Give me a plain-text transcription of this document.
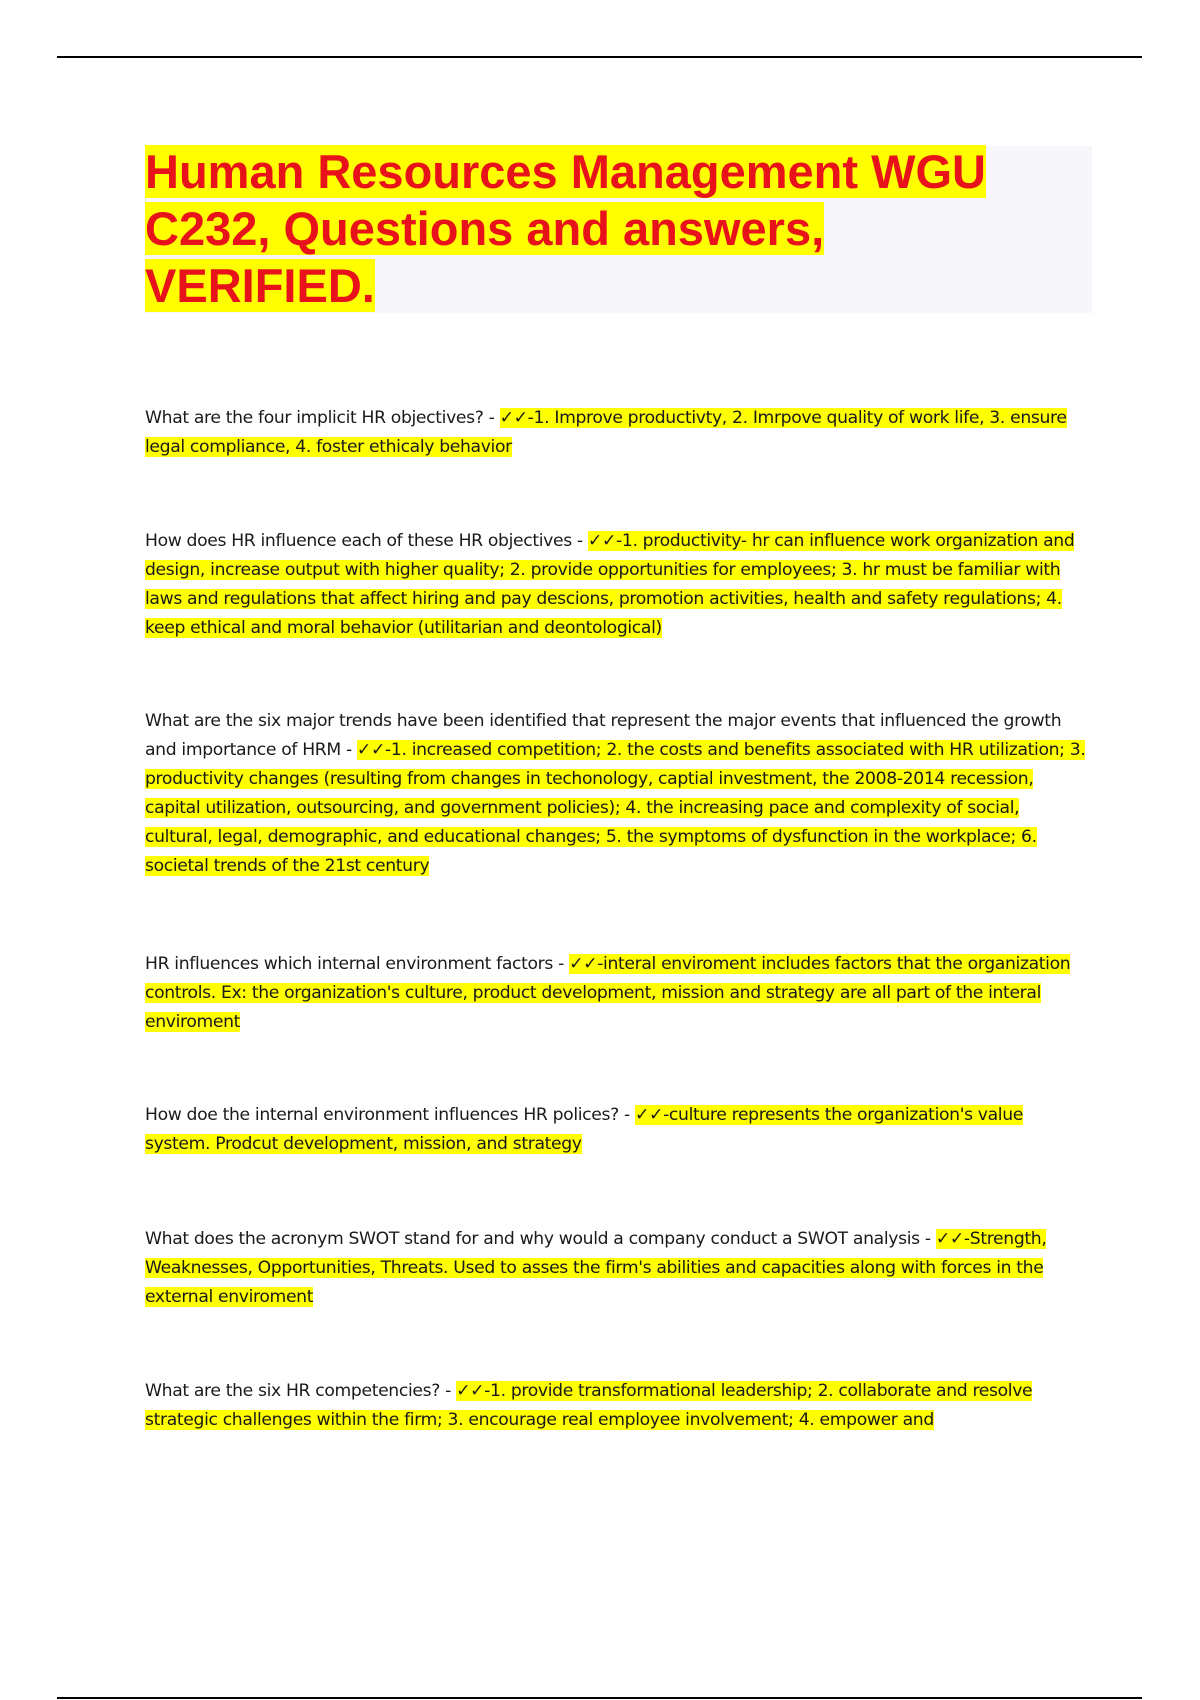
Human Resources Management WGU C232, Questions and answers, VERIFIED.

What are the four implicit HR objectives? - ✓✓-1. Improve productivty, 2. Imrpove quality of work life, 3. ensure legal compliance, 4. foster ethicaly behavior

How does HR influence each of these HR objectives - ✓✓-1. productivity- hr can influence work organization and design, increase output with higher quality; 2. provide opportunities for employees; 3. hr must be familiar with laws and regulations that affect hiring and pay descions, promotion activities, health and safety regulations; 4. keep ethical and moral behavior (utilitarian and deontological)

What are the six major trends have been identified that represent the major events that influenced the growth and importance of HRM - ✓✓-1. increased competition; 2. the costs and benefits associated with HR utilization; 3. productivity changes (resulting from changes in techonology, captial investment, the 2008-2014 recession, capital utilization, outsourcing, and government policies); 4. the increasing pace and complexity of social, cultural, legal, demographic, and educational changes; 5. the symptoms of dysfunction in the workplace; 6. societal trends of the 21st century

HR influences which internal environment factors - ✓✓-interal enviroment includes factors that the organization controls. Ex: the organization's culture, product development, mission and strategy are all part of the interal enviroment

How doe the internal environment influences HR polices? - ✓✓-culture represents the organization's value system. Prodcut development, mission, and strategy

What does the acronym SWOT stand for and why would a company conduct a SWOT analysis - ✓✓-Strength, Weaknesses, Opportunities, Threats. Used to asses the firm's abilities and capacities along with forces in the external enviroment

What are the six HR competencies? - ✓✓-1. provide transformational leadership; 2. collaborate and resolve strategic challenges within the firm; 3. encourage real employee involvement; 4. empower and
